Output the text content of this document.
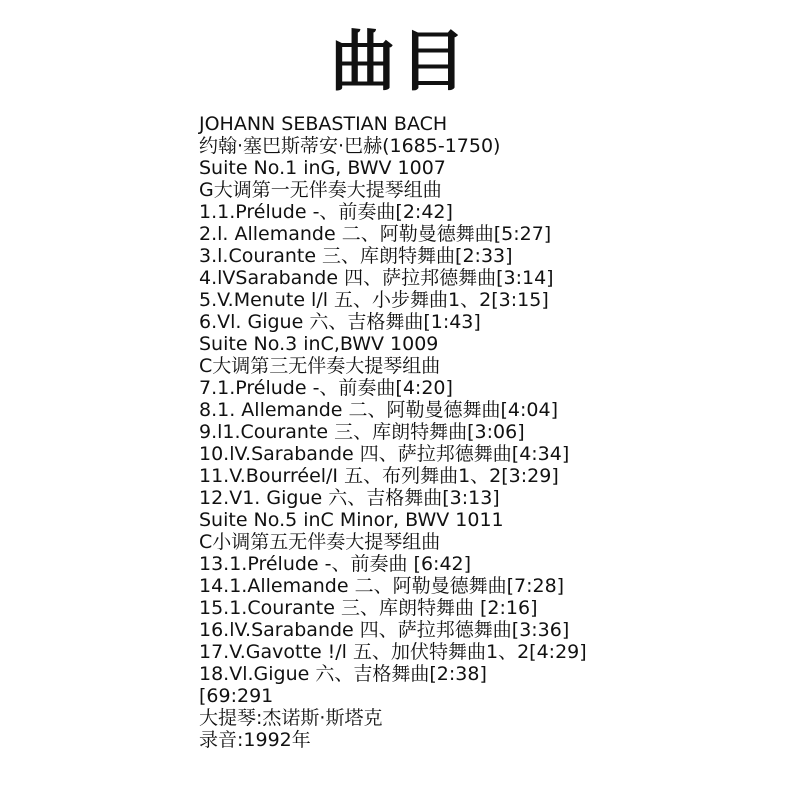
曲目
JOHANN SEBASTIAN BACH
约翰·塞巴斯蒂安·巴赫(1685-1750)
Suite No.1 inG, BWV 1007
G大调第一无伴奏大提琴组曲
1.1.Prélude -、前奏曲[2:42]
2.l. Allemande 二、阿勒曼德舞曲[5:27]
3.l.Courante 三、库朗特舞曲[2:33]
4.lVSarabande 四、萨拉邦德舞曲[3:14]
5.V.Menute l/l 五、小步舞曲1、2[3:15]
6.Vl. Gigue 六、吉格舞曲[1:43]
Suite No.3 inC,BWV 1009
C大调第三无伴奏大提琴组曲
7.1.Prélude -、前奏曲[4:20]
8.1. Allemande 二、阿勒曼德舞曲[4:04]
9.l1.Courante 三、库朗特舞曲[3:06]
10.lV.Sarabande 四、萨拉邦德舞曲[4:34]
11.V.Bourréel/I 五、布列舞曲1、2[3:29]
12.V1. Gigue 六、吉格舞曲[3:13]
Suite No.5 inC Minor, BWV 1011
C小调第五无伴奏大提琴组曲
13.1.Prélude -、前奏曲 [6:42]
14.1.Allemande 二、阿勒曼德舞曲[7:28]
15.1.Courante 三、库朗特舞曲 [2:16]
16.lV.Sarabande 四、萨拉邦德舞曲[3:36]
17.V.Gavotte !/l 五、加伏特舞曲1、2[4:29]
18.Vl.Gigue 六、吉格舞曲[2:38]
[69:291
大提琴:杰诺斯·斯塔克
录音:1992年
